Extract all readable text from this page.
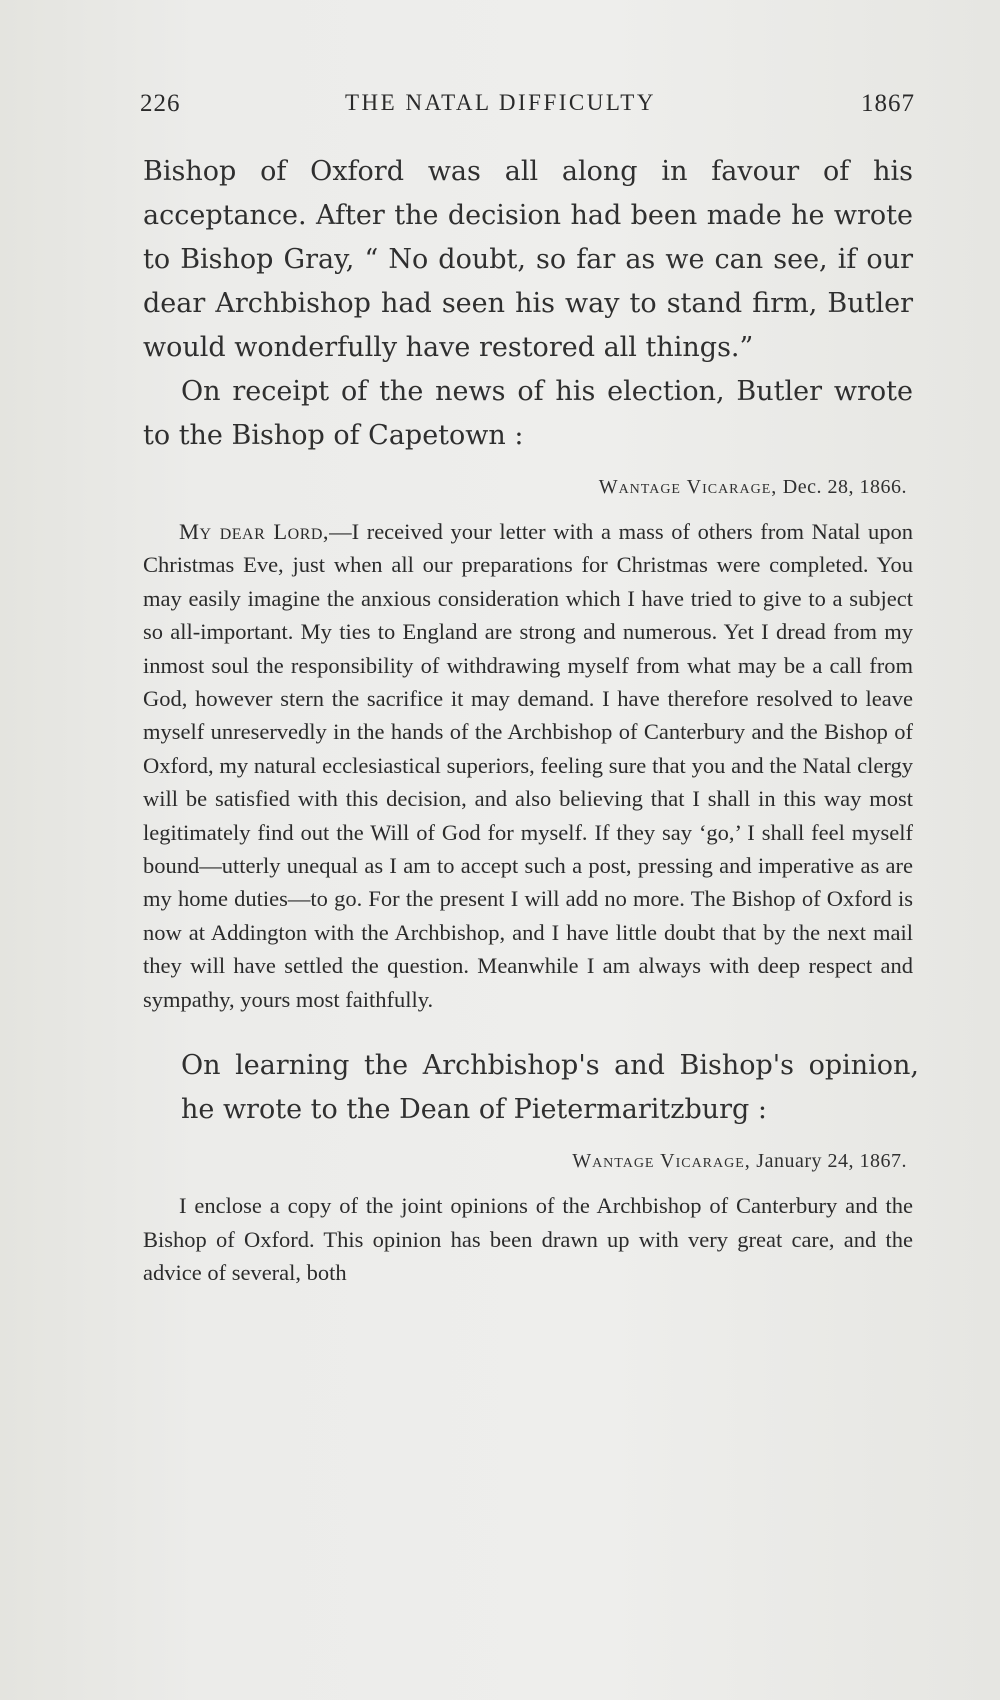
226	THE NATAL DIFFICULTY	1867

Bishop of Oxford was all along in favour of his acceptance. After the decision had been made he wrote to Bishop Gray, “ No doubt, so far as we can see, if our dear Archbishop had seen his way to stand firm, Butler would wonderfully have restored all things.”

On receipt of the news of his election, Butler wrote to the Bishop of Capetown :

Wantage Vicarage, Dec. 28, 1866.

My dear Lord,—I received your letter with a mass of others from Natal upon Christmas Eve, just when all our preparations for Christmas were completed. You may easily imagine the anxious consideration which I have tried to give to a subject so all-important. My ties to England are strong and numerous. Yet I dread from my inmost soul the responsibility of withdrawing myself from what may be a call from God, however stern the sacrifice it may demand. I have therefore resolved to leave myself unreservedly in the hands of the Archbishop of Canterbury and the Bishop of Oxford, my natural ecclesiastical superiors, feeling sure that you and the Natal clergy will be satisfied with this decision, and also believing that I shall in this way most legitimately find out the Will of God for myself. If they say ‘go,’ I shall feel myself bound—utterly unequal as I am to accept such a post, pressing and imperative as are my home duties—to go. For the present I will add no more. The Bishop of Oxford is now at Addington with the Archbishop, and I have little doubt that by the next mail they will have settled the question. Meanwhile I am always with deep respect and sympathy, yours most faithfully.

On learning the Archbishop's and Bishop's opinion, he wrote to the Dean of Pietermaritzburg :

Wantage Vicarage, January 24, 1867.

I enclose a copy of the joint opinions of the Archbishop of Canterbury and the Bishop of Oxford. This opinion has been drawn up with very great care, and the advice of several, both
